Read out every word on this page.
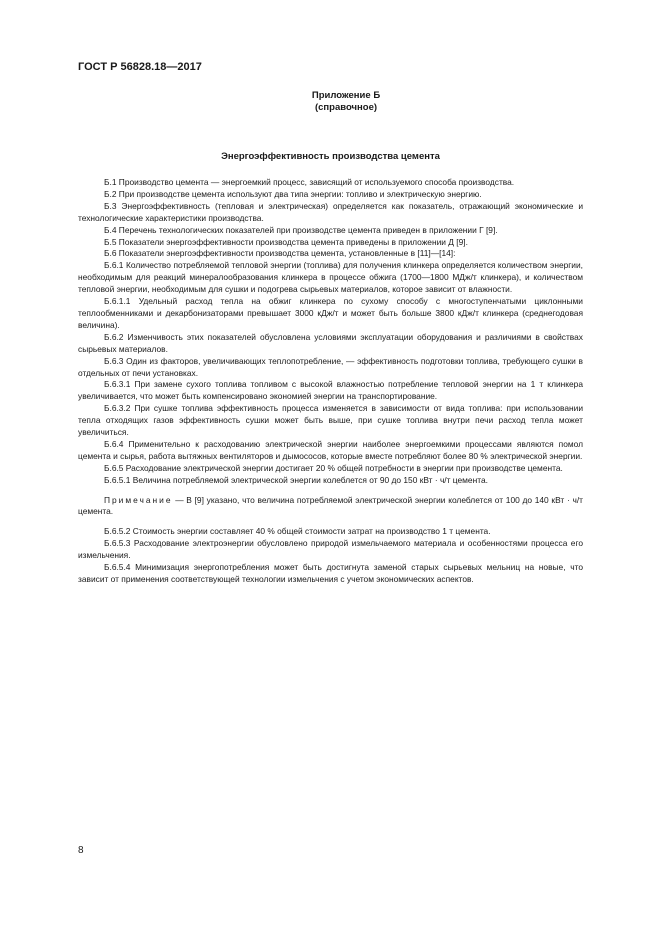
ГОСТ Р 56828.18—2017
Приложение Б
(справочное)
Энергоэффективность производства цемента

Б.1 Производство цемента — энергоемкий процесс, зависящий от используемого способа производства.

Б.2 При производстве цемента используют два типа энергии: топливо и электрическую энергию.

Б.3 Энергоэффективность (тепловая и электрическая) определяется как показатель, отражающий экономические и технологические характеристики производства.

Б.4 Перечень технологических показателей при производстве цемента приведен в приложении Г [9].

Б.5 Показатели энергоэффективности производства цемента приведены в приложении Д [9].

Б.6 Показатели энергоэффективности производства цемента, установленные в [11]—[14]:

Б.6.1 Количество потребляемой тепловой энергии (топлива) для получения клинкера определяется количеством энергии, необходимым для реакций минералообразования клинкера в процессе обжига (1700—1800 МДж/т клинкера), и количеством тепловой энергии, необходимым для сушки и подогрева сырьевых материалов, которое зависит от влажности.

Б.6.1.1 Удельный расход тепла на обжиг клинкера по сухому способу с многоступенчатыми циклонными теплообменниками и декарбонизаторами превышает 3000 кДж/т и может быть больше 3800 кДж/т клинкера (среднегодовая величина).

Б.6.2 Изменчивость этих показателей обусловлена условиями эксплуатации оборудования и различиями в свойствах сырьевых материалов.

Б.6.3 Один из факторов, увеличивающих теплопотребление, — эффективность подготовки топлива, требующего сушки в отдельных от печи установках.

Б.6.3.1 При замене сухого топлива топливом с высокой влажностью потребление тепловой энергии на 1 т клинкера увеличивается, что может быть компенсировано экономией энергии на транспортирование.

Б.6.3.2 При сушке топлива эффективность процесса изменяется в зависимости от вида топлива: при использовании тепла отходящих газов эффективность сушки может быть выше, при сушке топлива внутри печи расход тепла может увеличиться.

Б.6.4 Применительно к расходованию электрической энергии наиболее энергоемкими процессами являются помол цемента и сырья, работа вытяжных вентиляторов и дымососов, которые вместе потребляют более 80 % электрической энергии.

Б.6.5 Расходование электрической энергии достигает 20 % общей потребности в энергии при производстве цемента.

Б.6.5.1 Величина потребляемой электрической энергии колеблется от 90 до 150 кВт · ч/т цемента.

Примечание — В [9] указано, что величина потребляемой электрической энергии колеблется от 100 до 140 кВт · ч/т цемента.

Б.6.5.2 Стоимость энергии составляет 40 % общей стоимости затрат на производство 1 т цемента.

Б.6.5.3 Расходование электроэнергии обусловлено природой измельчаемого материала и особенностями процесса его измельчения.

Б.6.5.4 Минимизация энергопотребления может быть достигнута заменой старых сырьевых мельниц на новые, что зависит от применения соответствующей технологии измельчения с учетом экономических аспектов.

8
